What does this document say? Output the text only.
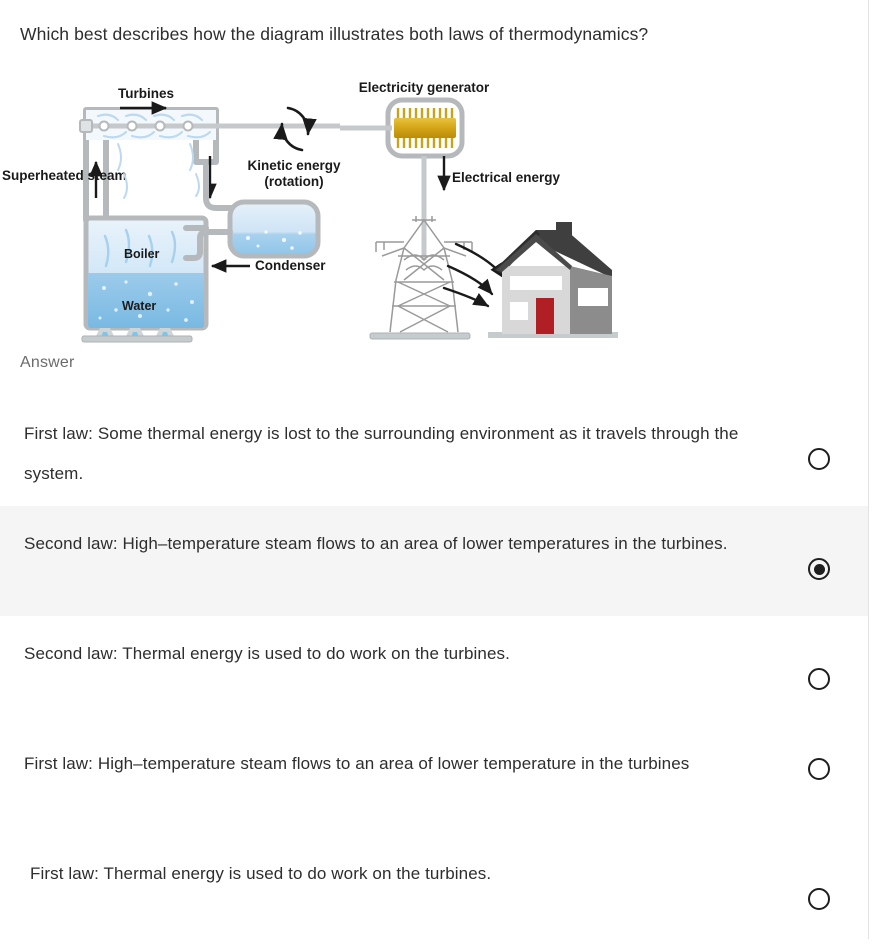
Which best describes how the diagram illustrates both laws of thermodynamics?
Turbines
Boiler
Water
Superheated steam
Condenser
Kinetic energy
(rotation)
Electricity generator
Electrical energy
Answer
First law: Some thermal energy is lost to the surrounding environment as it travels through the system.
Second law: High–temperature steam flows to an area of lower temperatures in the turbines.
Second law: Thermal energy is used to do work on the turbines.
First law: High–temperature steam flows to an area of lower temperature in the turbines
First law: Thermal energy is used to do work on the turbines.
